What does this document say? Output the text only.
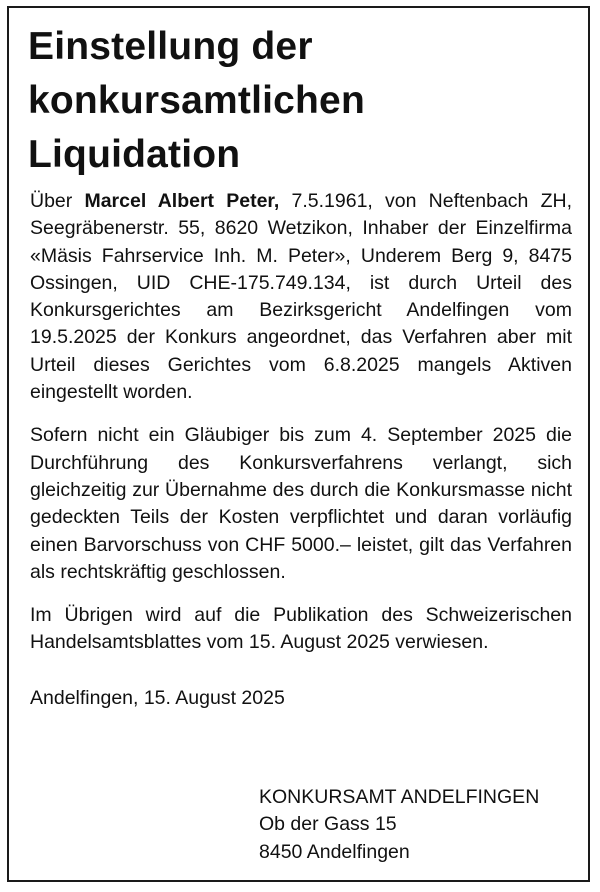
Einstellung der
konkursamtlichen
Liquidation

Über Marcel Albert Peter, 7.5.1961, von Neftenbach ZH, Seegräbenerstr. 55, 8620 Wetzikon, Inhaber der Einzelfirma «Mäsis Fahrservice Inh. M. Peter», Underem Berg 9, 8475 Ossingen, UID CHE-175.749.134, ist durch Urteil des Konkursgerichtes am Bezirksgericht Andelfingen vom 19.5.2025 der Konkurs angeordnet, das Verfahren aber mit Urteil dieses Gerichtes vom 6.8.2025 mangels Aktiven eingestellt worden.

Sofern nicht ein Gläubiger bis zum 4. September 2025 die Durchführung des Konkursverfahrens verlangt, sich gleichzeitig zur Übernahme des durch die Konkursmasse nicht gedeckten Teils der Kosten verpflichtet und daran vorläufig einen Barvorschuss von CHF 5000.– leistet, gilt das Verfahren als rechtskräftig geschlossen.

Im Übrigen wird auf die Publikation des Schweizerischen Handelsamtsblattes vom 15. August 2025 verwiesen.

Andelfingen, 15. August 2025

KONKURSAMT ANDELFINGEN
Ob der Gass 15
8450 Andelfingen
